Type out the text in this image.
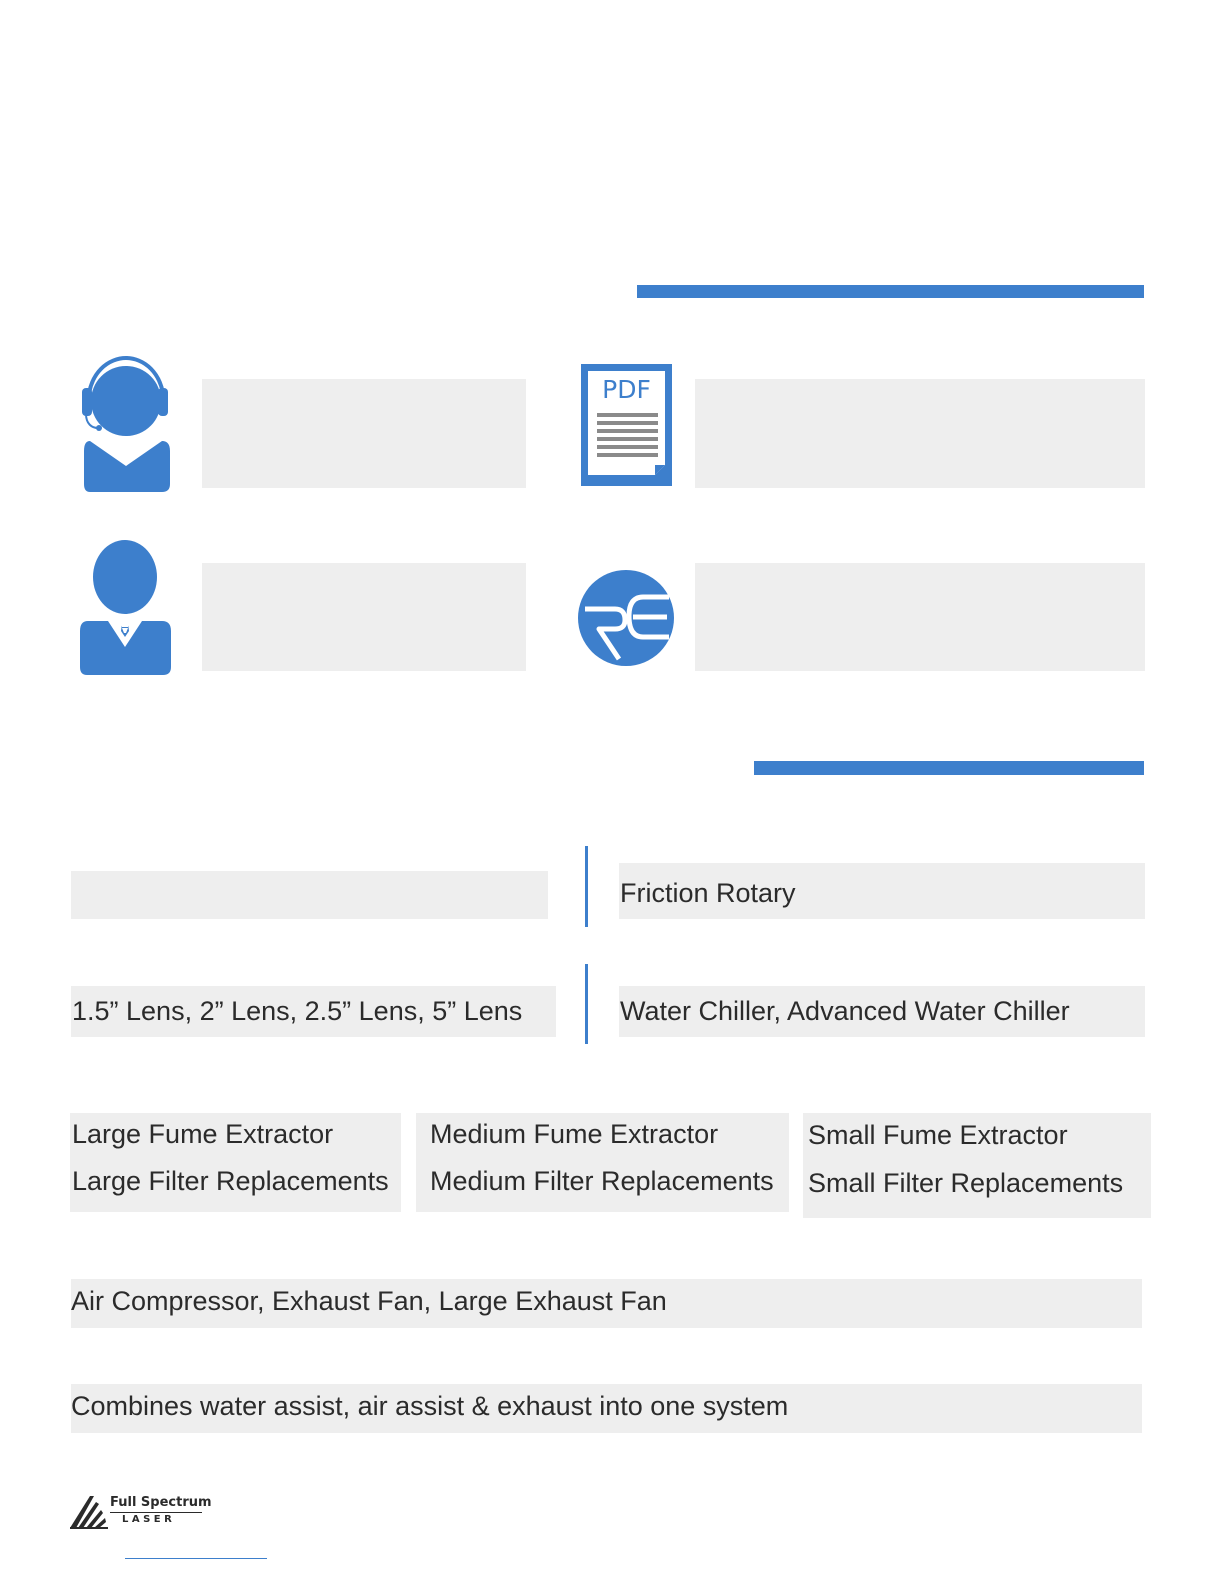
PDF
Friction Rotary
1.5” Lens, 2” Lens, 2.5” Lens, 5” Lens	Water Chiller, Advanced Water Chiller
Large Fume Extractor
Large Filter Replacements
Medium Fume Extractor
Medium Filter Replacements
Small Fume Extractor
Small Filter Replacements
Air Compressor, Exhaust Fan, Large Exhaust Fan
Combines water assist, air assist & exhaust into one system
Full Spectrum
L A S E R
